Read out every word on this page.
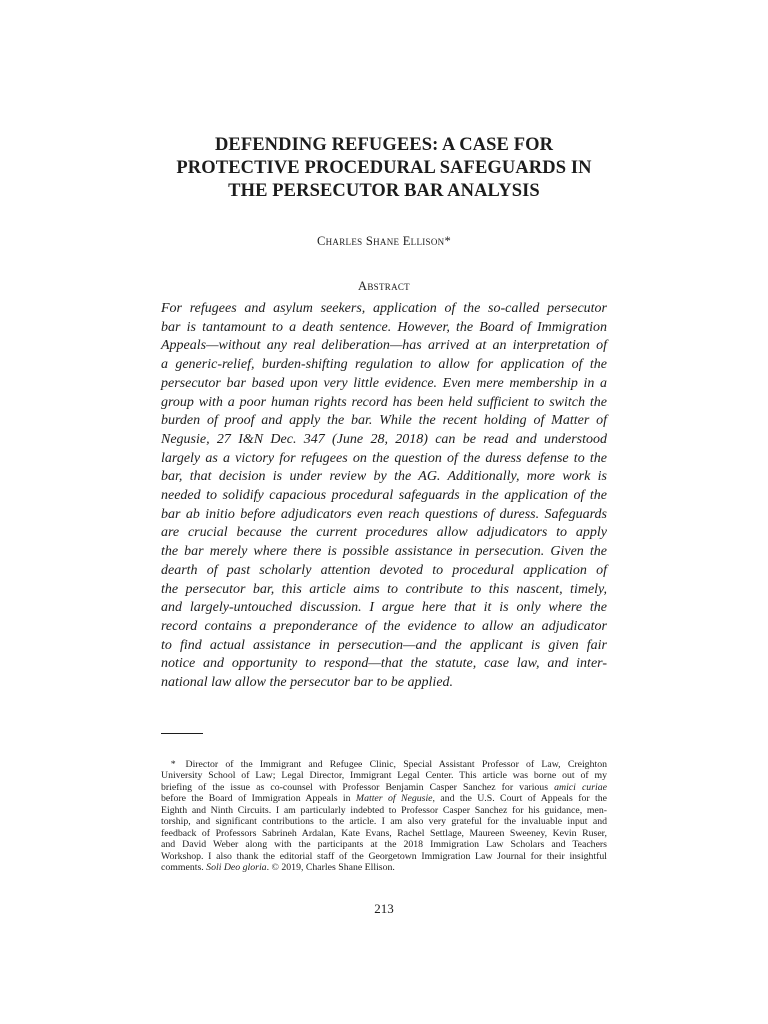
DEFENDING REFUGEES: A CASE FOR
PROTECTIVE PROCEDURAL SAFEGUARDS IN
THE PERSECUTOR BAR ANALYSIS

Charles Shane Ellison*

Abstract

For refugees and asylum seekers, application of the so-called persecutor
bar is tantamount to a death sentence. However, the Board of Immigration
Appeals—without any real deliberation—has arrived at an interpretation of
a generic-relief, burden-shifting regulation to allow for application of the
persecutor bar based upon very little evidence. Even mere membership in a
group with a poor human rights record has been held sufficient to switch the
burden of proof and apply the bar. While the recent holding of Matter of
Negusie, 27 I&N Dec. 347 (June 28, 2018) can be read and understood
largely as a victory for refugees on the question of the duress defense to the
bar, that decision is under review by the AG. Additionally, more work is
needed to solidify capacious procedural safeguards in the application of the
bar ab initio before adjudicators even reach questions of duress. Safeguards
are crucial because the current procedures allow adjudicators to apply
the bar merely where there is possible assistance in persecution. Given the
dearth of past scholarly attention devoted to procedural application of
the persecutor bar, this article aims to contribute to this nascent, timely,
and largely-untouched discussion. I argue here that it is only where the
record contains a preponderance of the evidence to allow an adjudicator
to find actual assistance in persecution—and the applicant is given fair
notice and opportunity to respond—that the statute, case law, and inter-
national law allow the persecutor bar to be applied.
 *  Director of the Immigrant and Refugee Clinic, Special Assistant Professor of Law, Creighton
University School of Law; Legal Director, Immigrant Legal Center. This article was borne out of my
briefing of the issue as co-counsel with Professor Benjamin Casper Sanchez for various amici curiae
before the Board of Immigration Appeals in Matter of Negusie, and the U.S. Court of Appeals for the
Eighth and Ninth Circuits. I am particularly indebted to Professor Casper Sanchez for his guidance, men-
torship, and significant contributions to the article. I am also very grateful for the invaluable input and
feedback of Professors Sabrineh Ardalan, Kate Evans, Rachel Settlage, Maureen Sweeney, Kevin Ruser,
and David Weber along with the participants at the 2018 Immigration Law Scholars and Teachers
Workshop. I also thank the editorial staff of the Georgetown Immigration Law Journal for their insightful
comments. Soli Deo gloria. © 2019, Charles Shane Ellison.

213
